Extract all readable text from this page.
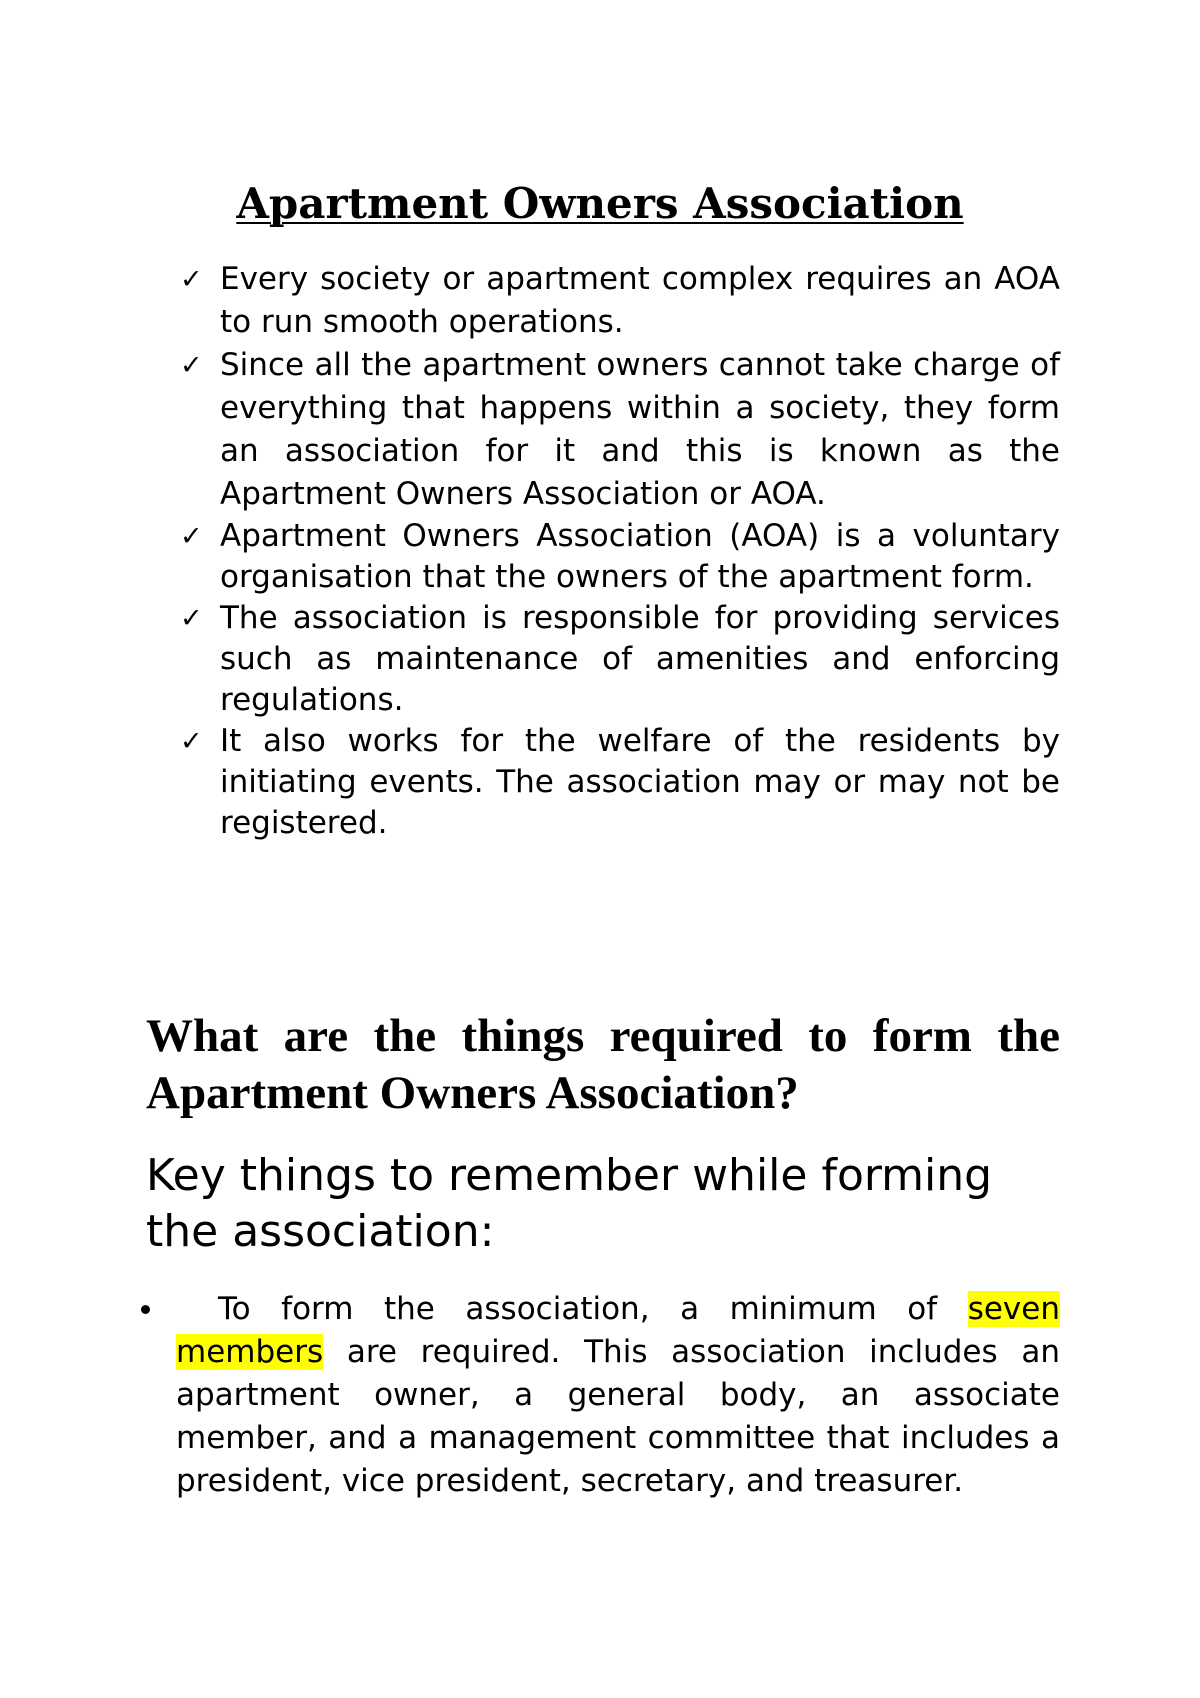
Apartment Owners Association
✓ Every society or apartment complex requires an AOA to run smooth operations.
✓ Since all the apartment owners cannot take charge of everything that happens within a society, they form an association for it and this is known as the Apartment Owners Association or AOA.
✓ Apartment Owners Association (AOA) is a voluntary organisation that the owners of the apartment form.
✓ The association is responsible for providing services such as maintenance of amenities and enforcing regulations.
✓ It also works for the welfare of the residents by initiating events. The association may or may not be registered.
What are the things required to form the Apartment Owners Association?
Key things to remember while forming the association:
To form the association, a minimum of seven members are required. This association includes an apartment owner, a general body, an associate member, and a management committee that includes a president, vice president, secretary, and treasurer.
